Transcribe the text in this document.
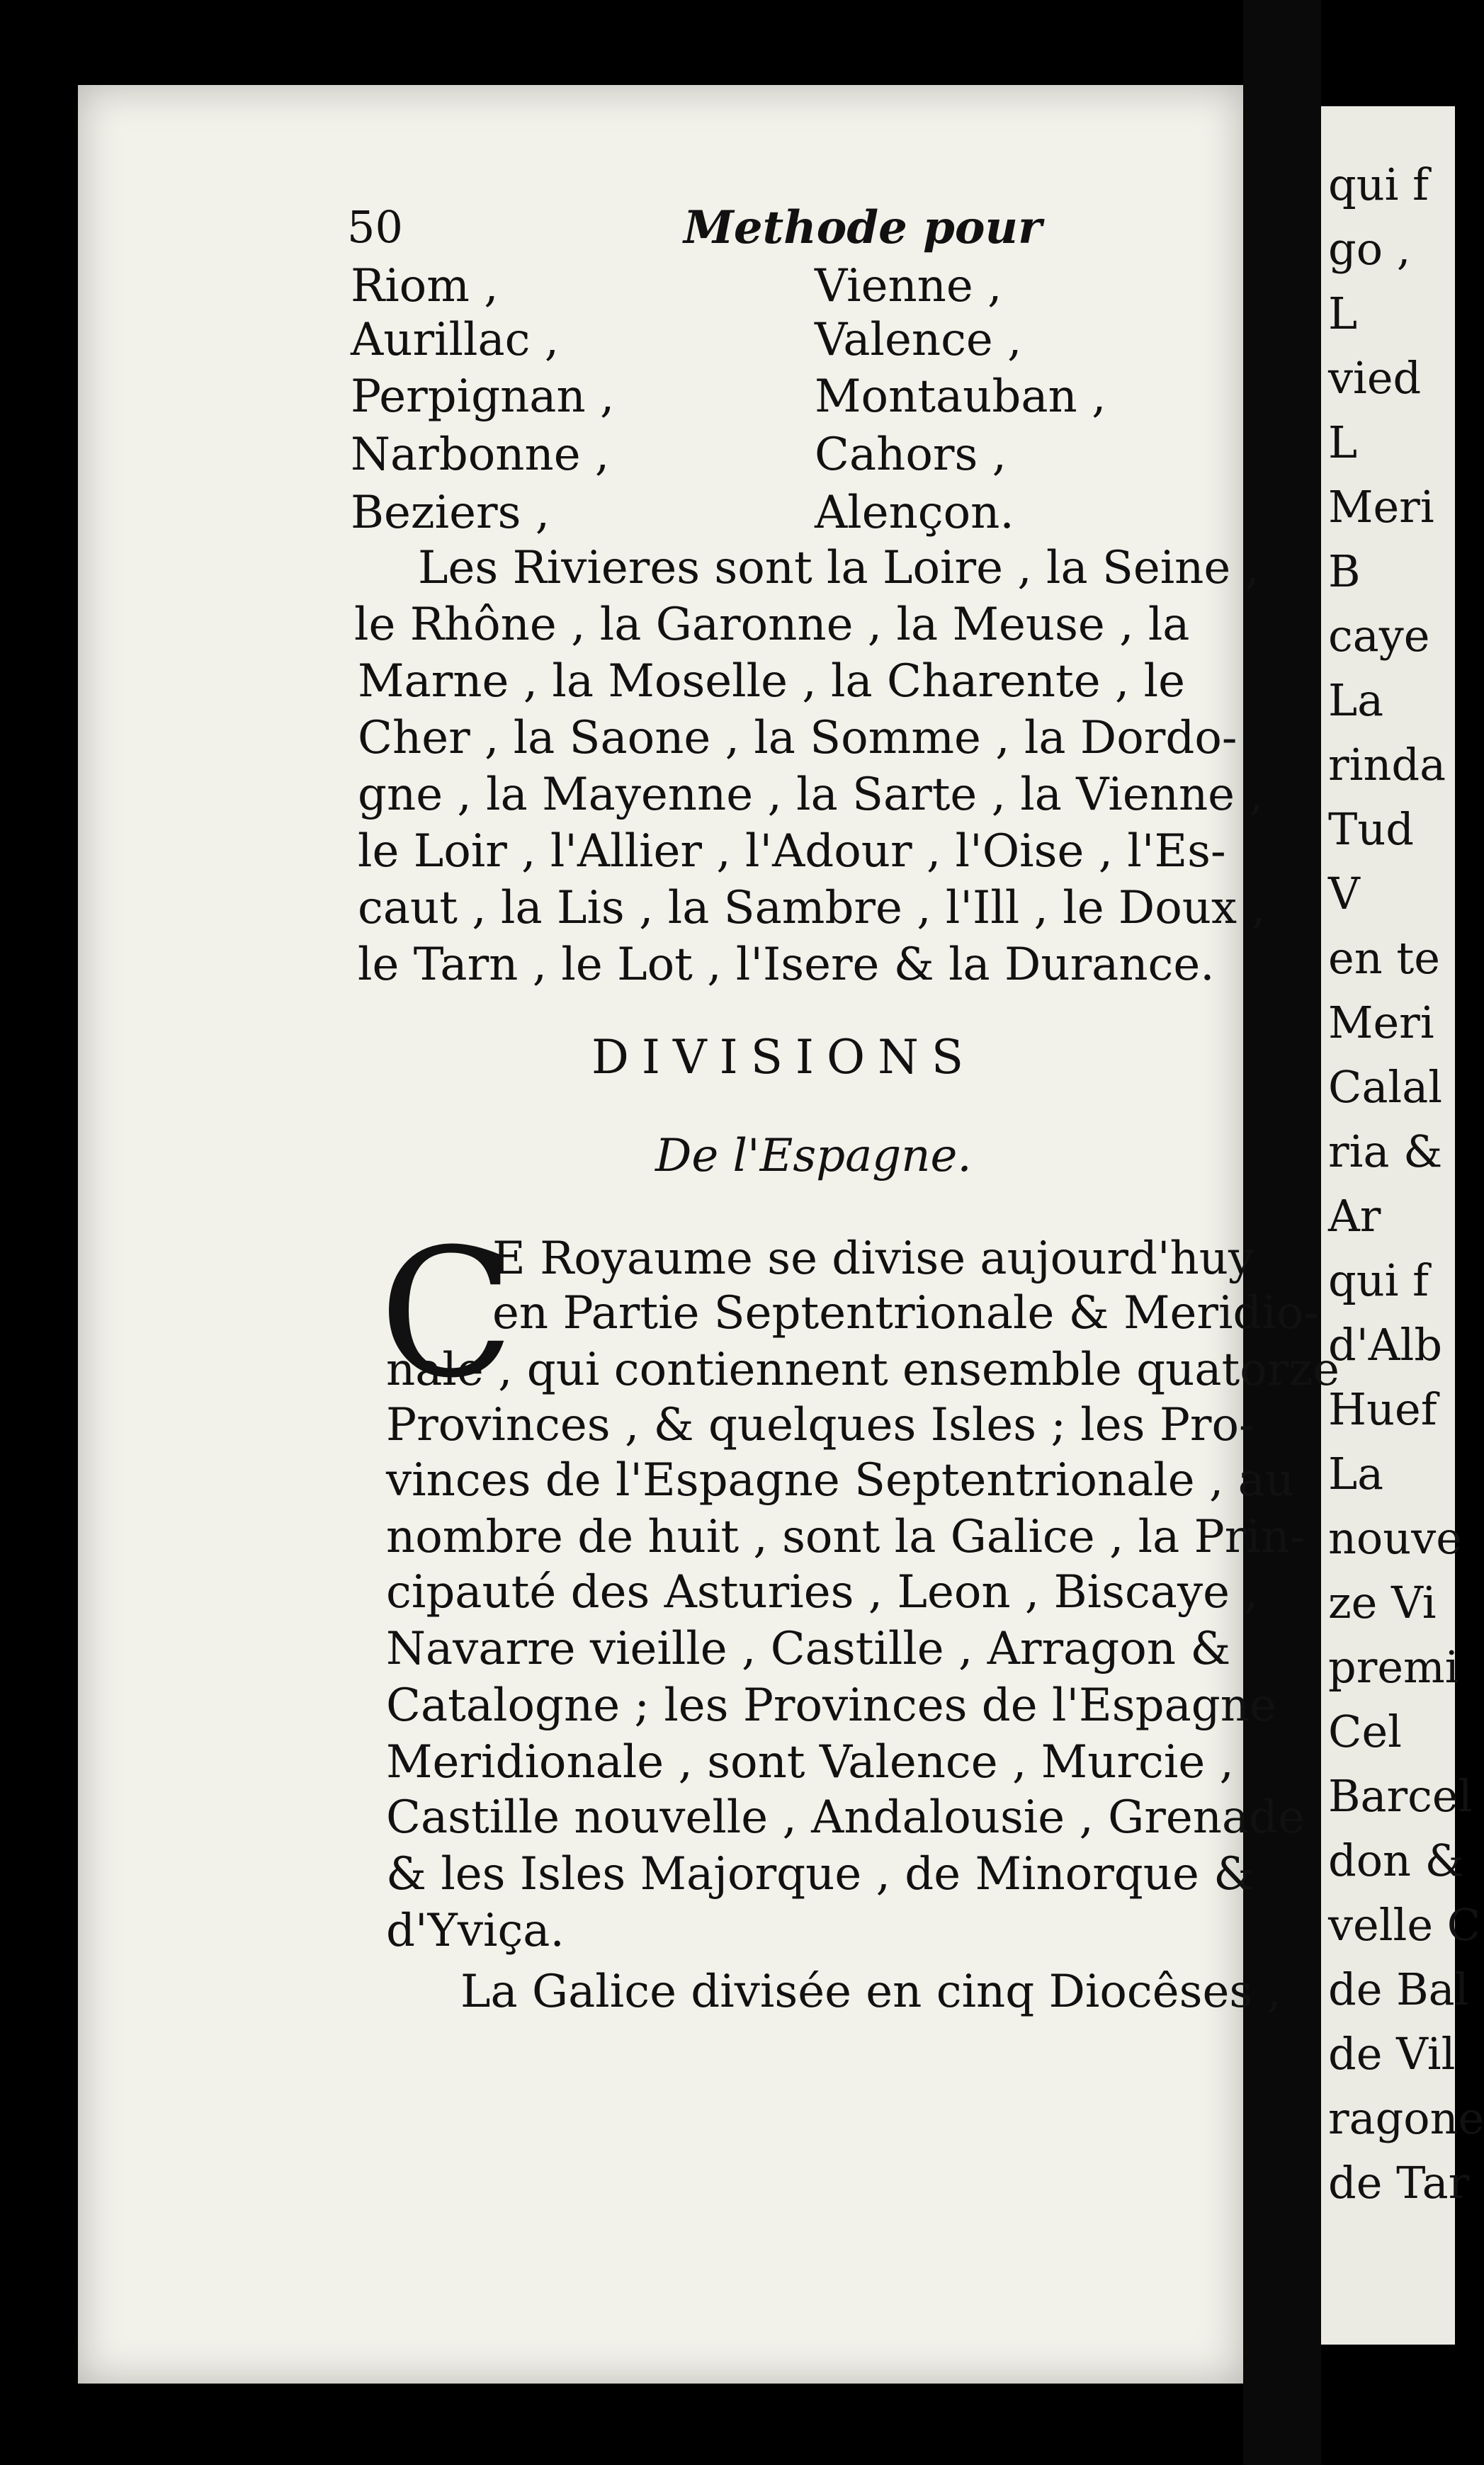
qui f
go ,
L
vied
L
Meri
B
caye
La
rinda
Tud
V
en te
Meri
Calal
ria &
Ar
qui f
d'Alb
Huef
La
nouve
ze Vi
premi
Cel
Barcel
don &
velle C
de Bal
de Vil
ragone
de Tar
50	Methode pour
Riom ,
Aurillac ,
Perpignan ,
Narbonne ,
Beziers ,
Vienne ,
Valence ,
Montauban ,
Cahors ,
Alençon.
Les Rivieres sont la Loire , la Seine ,
le Rhône , la Garonne , la Meuse , la
Marne , la Moselle , la Charente , le
Cher , la Saone , la Somme , la Dordo-
gne , la Mayenne , la Sarte , la Vienne ,
le Loir , l'Allier , l'Adour , l'Oise , l'Es-
caut , la Lis , la Sambre , l'Ill , le Doux ,
le Tarn , le Lot , l'Isere & la Durance.
DIVISIONS
De l'Espagne.
C
E Royaume se divise aujourd'huy
en Partie Septentrionale & Meridio-
nale , qui contiennent ensemble quatorze
Provinces , & quelques Isles ; les Pro-
vinces de l'Espagne Septentrionale , au
nombre de huit , sont la Galice , la Prin-
cipauté des Asturies , Leon , Biscaye ,
Navarre vieille , Castille , Arragon &
Catalogne ; les Provinces de l'Espagne
Meridionale , sont Valence , Murcie ,
Castille nouvelle , Andalousie , Grenade
& les Isles Majorque , de Minorque &
d'Yviça.
La Galice divisée en cinq Diocêses ,
